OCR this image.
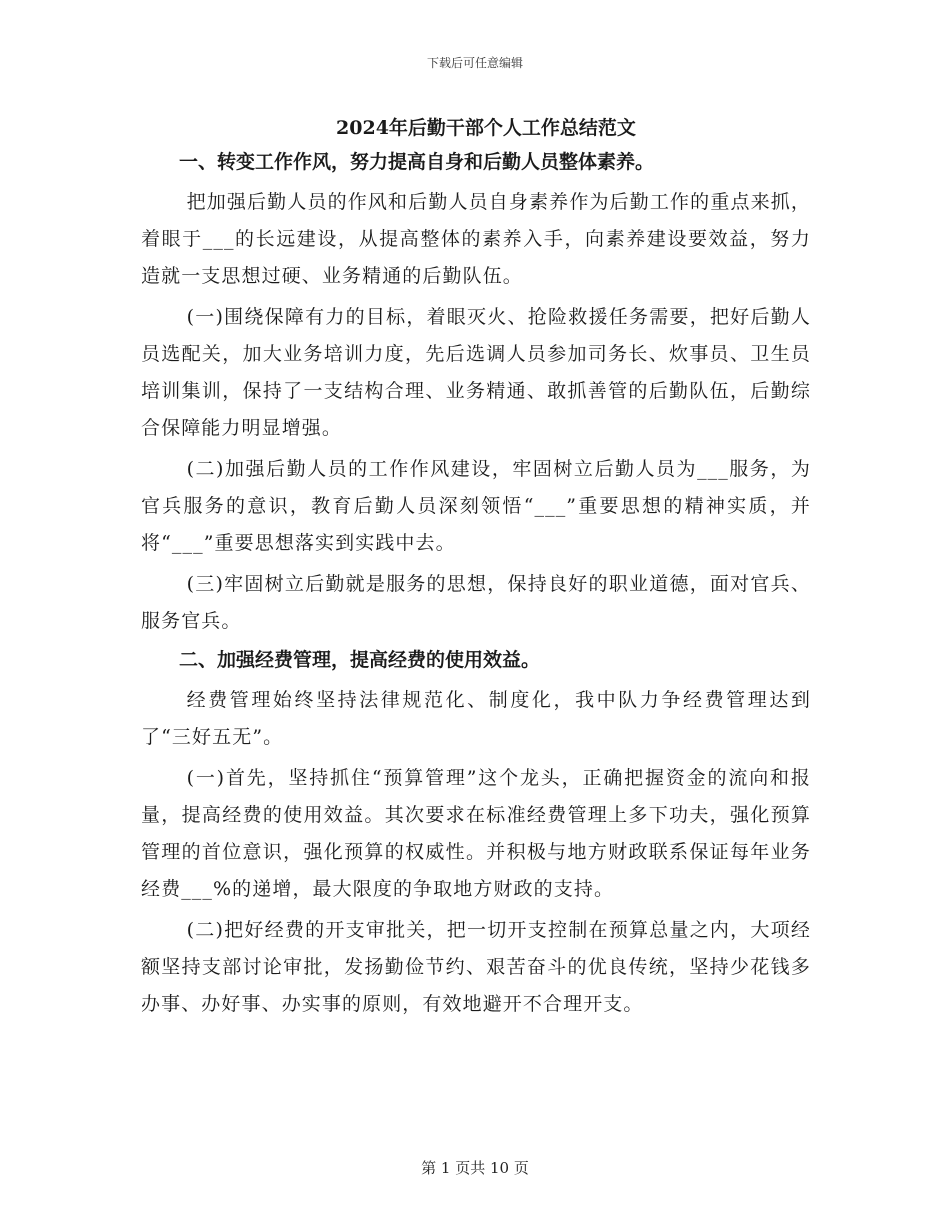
下载后可任意编辑
2024年后勤干部个人工作总结范文
一、转变工作作风，努力提高自身和后勤人员整体素养。

把加强后勤人员的作风和后勤人员自身素养作为后勤工作的重点来抓，着眼于___的长远建设，从提高整体的素养入手，向素养建设要效益，努力造就一支思想过硬、业务精通的后勤队伍。

(一)围绕保障有力的目标，着眼灭火、抢险救援任务需要，把好后勤人员选配关，加大业务培训力度，先后选调人员参加司务长、炊事员、卫生员培训集训，保持了一支结构合理、业务精通、敢抓善管的后勤队伍，后勤综合保障能力明显增强。

(二)加强后勤人员的工作作风建设，牢固树立后勤人员为___服务，为官兵服务的意识，教育后勤人员深刻领悟“___”重要思想的精神实质，并将“___”重要思想落实到实践中去。

(三)牢固树立后勤就是服务的思想，保持良好的职业道德，面对官兵、服务官兵。

二、加强经费管理，提高经费的使用效益。

经费管理始终坚持法律规范化、制度化，我中队力争经费管理达到了“三好五无”。

(一)首先，坚持抓住“预算管理”这个龙头，正确把握资金的流向和报量，提高经费的使用效益。其次要求在标准经费管理上多下功夫，强化预算管理的首位意识，强化预算的权威性。并积极与地方财政联系保证每年业务经费___%的递增，最大限度的争取地方财政的支持。

(二)把好经费的开支审批关，把一切开支控制在预算总量之内，大项经额坚持支部讨论审批，发扬勤俭节约、艰苦奋斗的优良传统，坚持少花钱多办事、办好事、办实事的原则，有效地避开不合理开支。

第 1 页共 10 页
